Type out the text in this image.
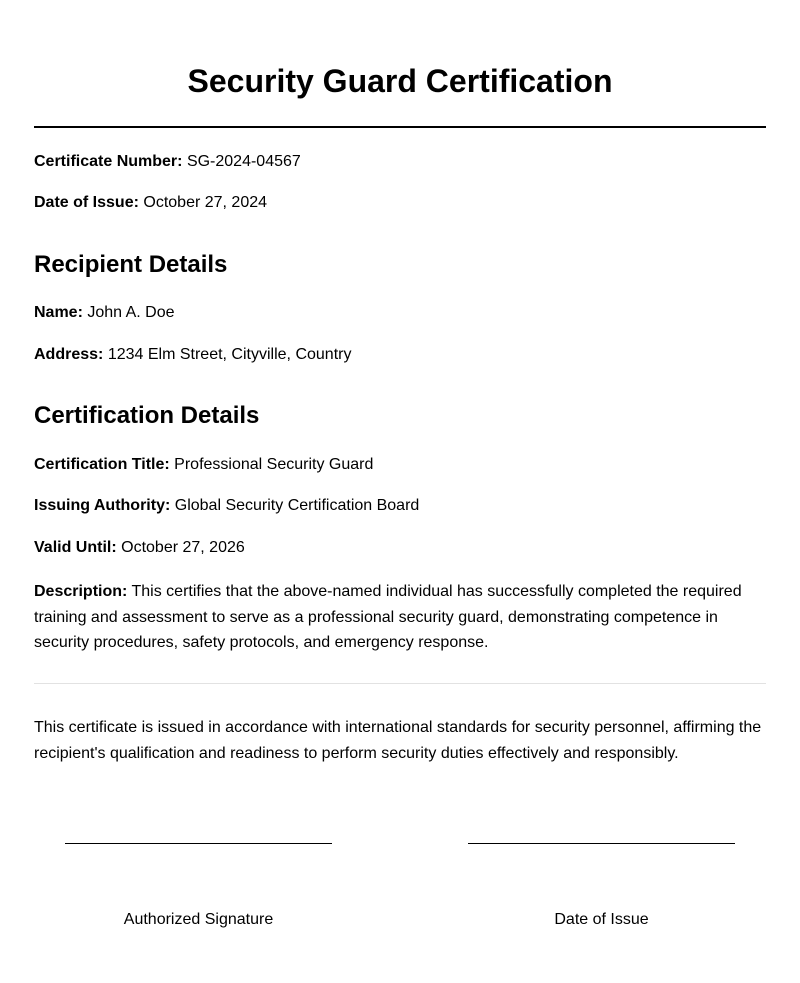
Security Guard Certification

Certificate Number: SG-2024-04567

Date of Issue: October 27, 2024

Recipient Details

Name: John A. Doe

Address: 1234 Elm Street, Cityville, Country

Certification Details

Certification Title: Professional Security Guard

Issuing Authority: Global Security Certification Board

Valid Until: October 27, 2026

Description: This certifies that the above-named individual has successfully completed the required training and assessment to serve as a professional security guard, demonstrating competence in security procedures, safety protocols, and emergency response.

This certificate is issued in accordance with international standards for security personnel, affirming the recipient's qualification and readiness to perform security duties effectively and responsibly.

Authorized Signature	Date of Issue
